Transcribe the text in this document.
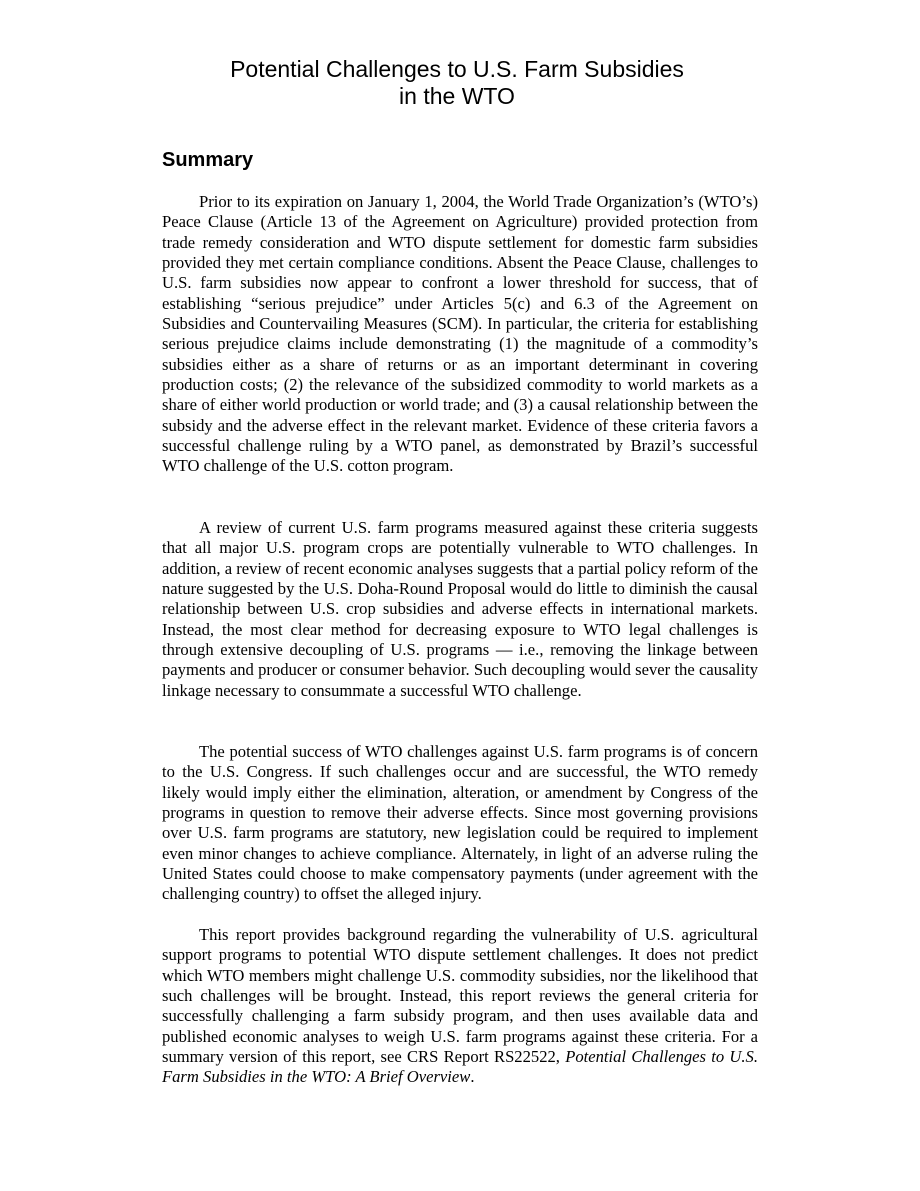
Potential Challenges to U.S. Farm Subsidies
in the WTO
Summary

Prior to its expiration on January 1, 2004, the World Trade Organization’s (WTO’s) Peace Clause (Article 13 of the Agreement on Agriculture) provided protection from trade remedy consideration and WTO dispute settlement for domestic farm subsidies provided they met certain compliance conditions. Absent the Peace Clause, challenges to U.S. farm subsidies now appear to confront a lower threshold for success, that of establishing “serious prejudice” under Articles 5(c) and 6.3 of the Agreement on Subsidies and Countervailing Measures (SCM). In particular, the criteria for establishing serious prejudice claims include demonstrating (1) the magnitude of a commodity’s subsidies either as a share of returns or as an important determinant in covering production costs; (2) the relevance of the subsidized commodity to world markets as a share of either world production or world trade; and (3) a causal relationship between the subsidy and the adverse effect in the relevant market. Evidence of these criteria favors a successful challenge ruling by a WTO panel, as demonstrated by Brazil’s successful WTO challenge of the U.S. cotton program.

A review of current U.S. farm programs measured against these criteria suggests that all major U.S. program crops are potentially vulnerable to WTO challenges. In addition, a review of recent economic analyses suggests that a partial policy reform of the nature suggested by the U.S. Doha-Round Proposal would do little to diminish the causal relationship between U.S. crop subsidies and adverse effects in international markets. Instead, the most clear method for decreasing exposure to WTO legal challenges is through extensive decoupling of U.S. programs — i.e., removing the linkage between payments and producer or consumer behavior. Such decoupling would sever the causality linkage necessary to consummate a successful WTO challenge.

The potential success of WTO challenges against U.S. farm programs is of concern to the U.S. Congress. If such challenges occur and are successful, the WTO remedy likely would imply either the elimination, alteration, or amendment by Congress of the programs in question to remove their adverse effects. Since most governing provisions over U.S. farm programs are statutory, new legislation could be required to implement even minor changes to achieve compliance. Alternately, in light of an adverse ruling the United States could choose to make compensatory payments (under agreement with the challenging country) to offset the alleged injury.

This report provides background regarding the vulnerability of U.S. agricultural support programs to potential WTO dispute settlement challenges. It does not predict which WTO members might challenge U.S. commodity subsidies, nor the likelihood that such challenges will be brought. Instead, this report reviews the general criteria for successfully challenging a farm subsidy program, and then uses available data and published economic analyses to weigh U.S. farm programs against these criteria. For a summary version of this report, see CRS Report RS22522, Potential Challenges to U.S. Farm Subsidies in the WTO: A Brief Overview.
